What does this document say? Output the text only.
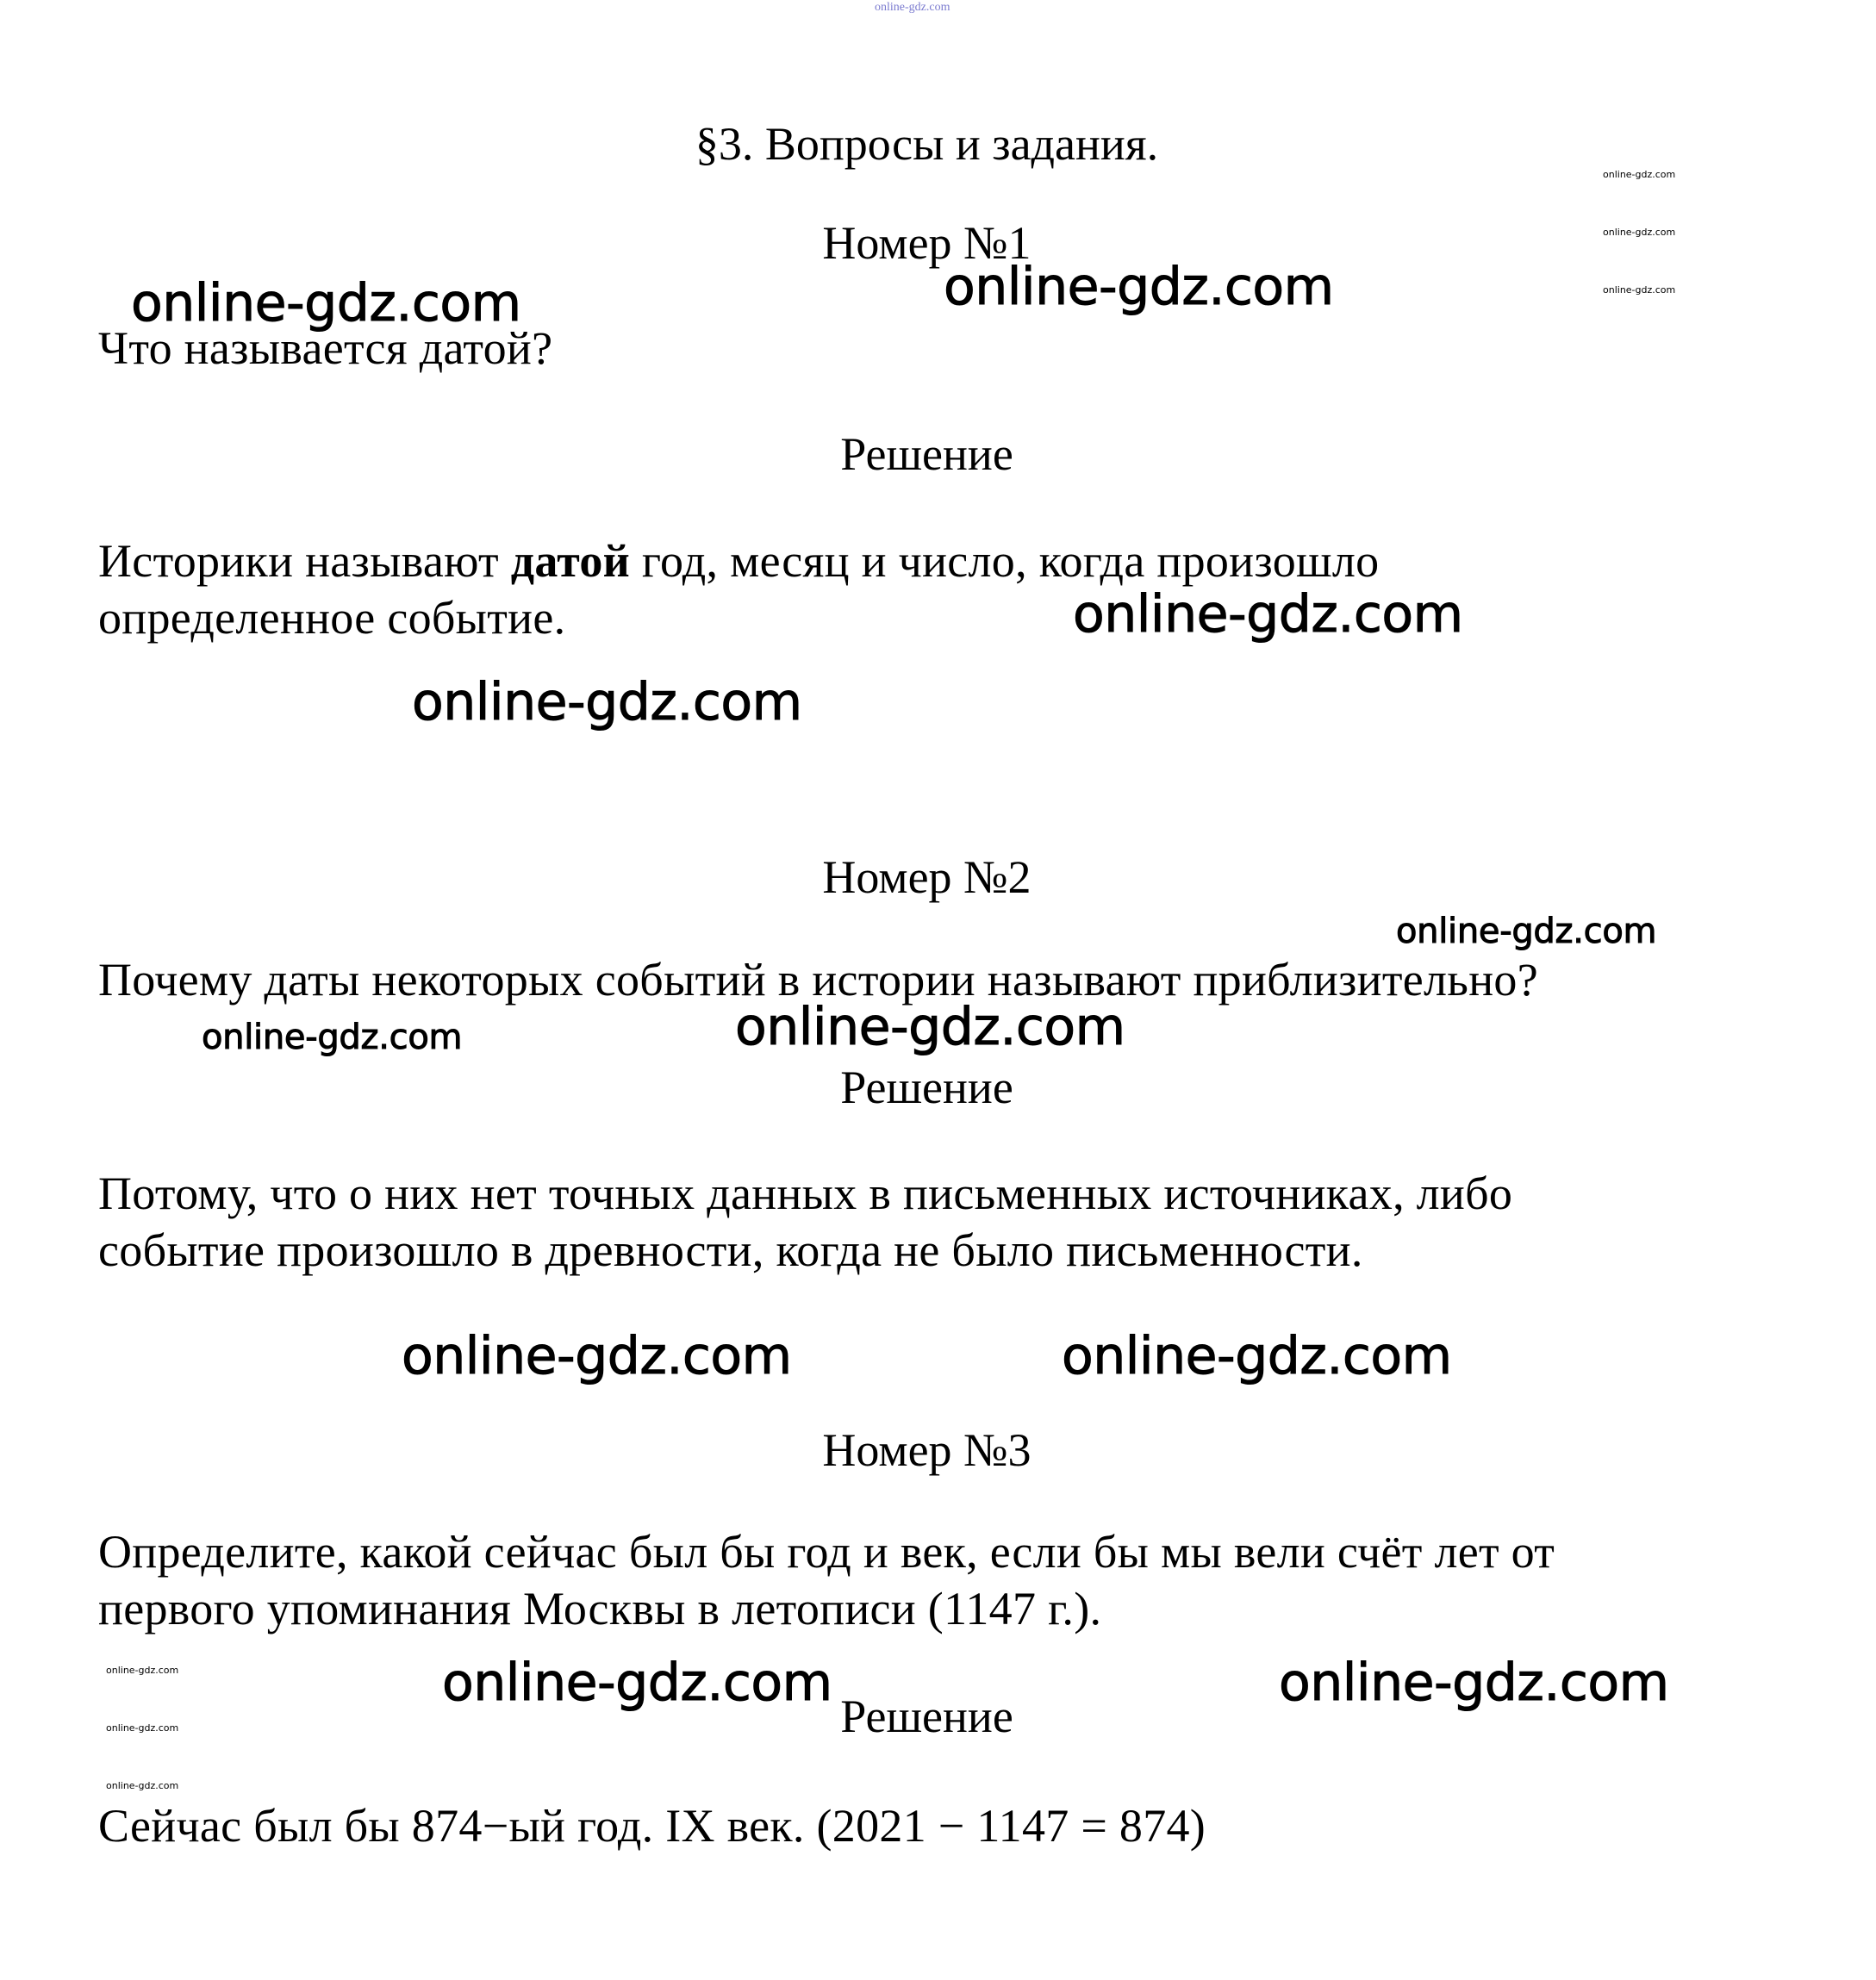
online-gdz.com
§3. Вопросы и задания.
online-gdz.com
online-gdz.com
online-gdz.com
Номер №1
online-gdz.com
online-gdz.com
Что называется датой?
Решение
Историки называют датой год, месяц и число, когда произошло
определенное событие.	online-gdz.com
online-gdz.com
Номер №2
online-gdz.com
Почему даты некоторых событий в истории называют приблизительно?
online-gdz.com	online-gdz.com
Решение
Потому, что о них нет точных данных в письменных источниках, либо
событие произошло в древности, когда не было письменности.
online-gdz.com	online-gdz.com
Номер №3
Определите, какой сейчас был бы год и век, если бы мы вели счёт лет от
первого упоминания Москвы в летописи (1147 г.).
online-gdz.com	online-gdz.com	online-gdz.com
Решение
online-gdz.com
online-gdz.com
Сейчас был бы 874−ый год. IX век. (2021 − 1147 = 874)
